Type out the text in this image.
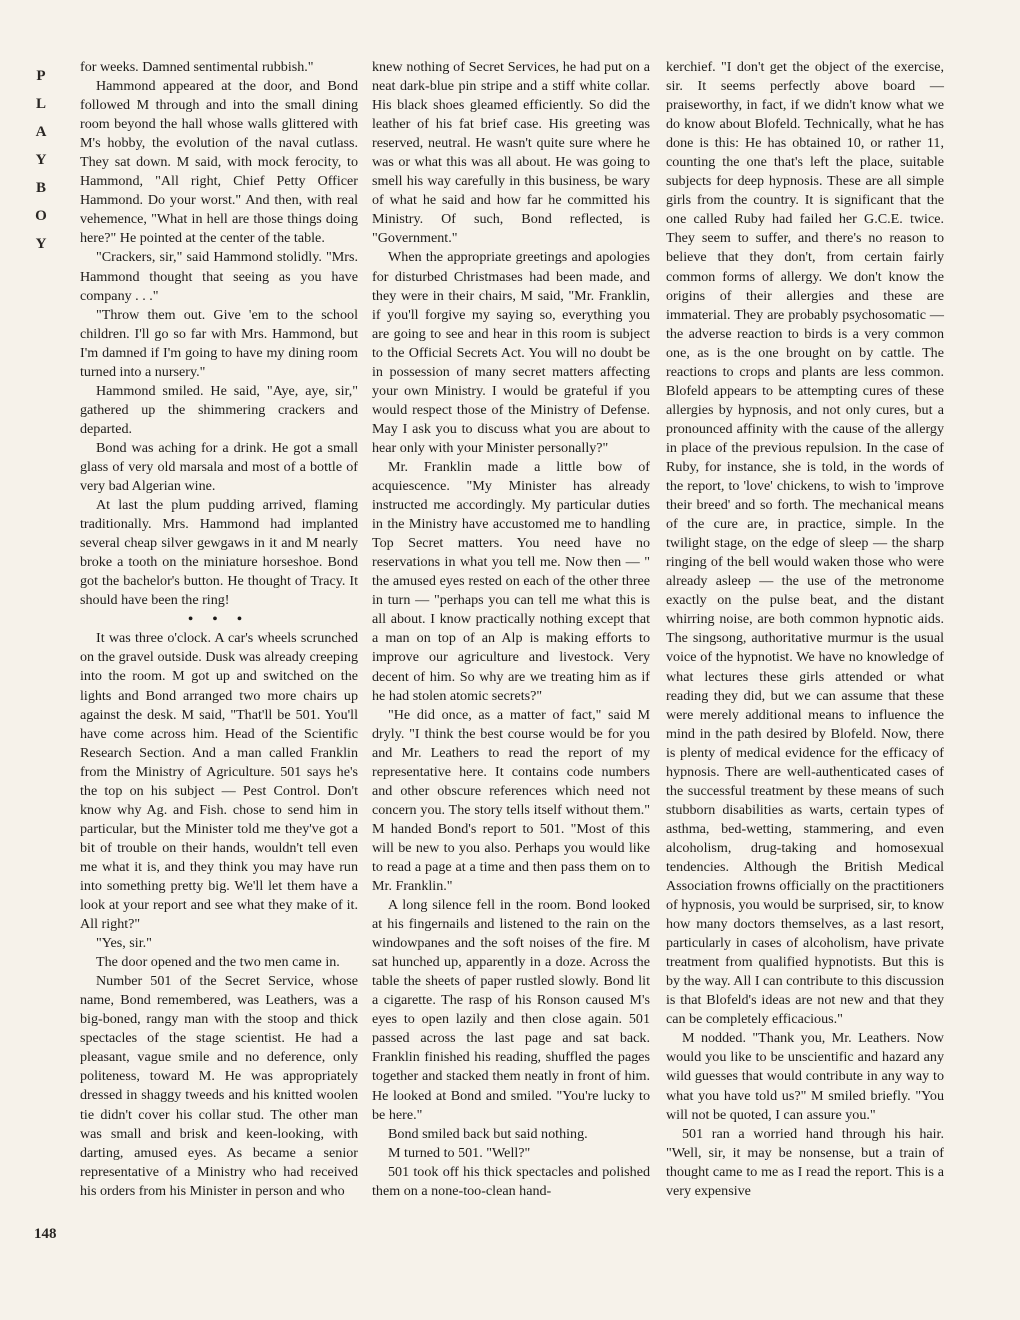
P
L
A
Y
B
O
Y
148

for weeks. Damned sentimental rubbish."

Hammond appeared at the door, and Bond followed M through and into the small dining room beyond the hall whose walls glittered with M's hobby, the evolution of the naval cutlass. They sat down. M said, with mock ferocity, to Hammond, "All right, Chief Petty Officer Hammond. Do your worst." And then, with real vehemence, "What in hell are those things doing here?" He pointed at the center of the table.

"Crackers, sir," said Hammond stolidly. "Mrs. Hammond thought that seeing as you have company . . ."

"Throw them out. Give 'em to the school children. I'll go so far with Mrs. Hammond, but I'm damned if I'm going to have my dining room turned into a nursery."

Hammond smiled. He said, "Aye, aye, sir," gathered up the shimmering crackers and departed.

Bond was aching for a drink. He got a small glass of very old marsala and most of a bottle of very bad Algerian wine.

At last the plum pudding arrived, flaming traditionally. Mrs. Hammond had implanted several cheap silver gewgaws in it and M nearly broke a tooth on the miniature horseshoe. Bond got the bachelor's button. He thought of Tracy. It should have been the ring!

• • •

It was three o'clock. A car's wheels scrunched on the gravel outside. Dusk was already creeping into the room. M got up and switched on the lights and Bond arranged two more chairs up against the desk. M said, "That'll be 501. You'll have come across him. Head of the Scientific Research Section. And a man called Franklin from the Ministry of Agriculture. 501 says he's the top on his subject — Pest Control. Don't know why Ag. and Fish. chose to send him in particular, but the Minister told me they've got a bit of trouble on their hands, wouldn't tell even me what it is, and they think you may have run into something pretty big. We'll let them have a look at your report and see what they make of it. All right?"

"Yes, sir."

The door opened and the two men came in.

Number 501 of the Secret Service, whose name, Bond remembered, was Leathers, was a big-boned, rangy man with the stoop and thick spectacles of the stage scientist. He had a pleasant, vague smile and no deference, only politeness, toward M. He was appropriately dressed in shaggy tweeds and his knitted woolen tie didn't cover his collar stud. The other man was small and brisk and keen-looking, with darting, amused eyes. As became a senior representative of a Ministry who had received his orders from his Minister in person and who

knew nothing of Secret Services, he had put on a neat dark-blue pin stripe and a stiff white collar. His black shoes gleamed efficiently. So did the leather of his fat brief case. His greeting was reserved, neutral. He wasn't quite sure where he was or what this was all about. He was going to smell his way carefully in this business, be wary of what he said and how far he committed his Ministry. Of such, Bond reflected, is "Government."

When the appropriate greetings and apologies for disturbed Christmases had been made, and they were in their chairs, M said, "Mr. Franklin, if you'll forgive my saying so, everything you are going to see and hear in this room is subject to the Official Secrets Act. You will no doubt be in possession of many secret matters affecting your own Ministry. I would be grateful if you would respect those of the Ministry of Defense. May I ask you to discuss what you are about to hear only with your Minister personally?"

Mr. Franklin made a little bow of acquiescence. "My Minister has already instructed me accordingly. My particular duties in the Ministry have accustomed me to handling Top Secret matters. You need have no reservations in what you tell me. Now then — " the amused eyes rested on each of the other three in turn — "perhaps you can tell me what this is all about. I know practically nothing except that a man on top of an Alp is making efforts to improve our agriculture and livestock. Very decent of him. So why are we treating him as if he had stolen atomic secrets?"

"He did once, as a matter of fact," said M dryly. "I think the best course would be for you and Mr. Leathers to read the report of my representative here. It contains code numbers and other obscure references which need not concern you. The story tells itself without them." M handed Bond's report to 501. "Most of this will be new to you also. Perhaps you would like to read a page at a time and then pass them on to Mr. Franklin."

A long silence fell in the room. Bond looked at his fingernails and listened to the rain on the windowpanes and the soft noises of the fire. M sat hunched up, apparently in a doze. Across the table the sheets of paper rustled slowly. Bond lit a cigarette. The rasp of his Ronson caused M's eyes to open lazily and then close again. 501 passed across the last page and sat back. Franklin finished his reading, shuffled the pages together and stacked them neatly in front of him. He looked at Bond and smiled. "You're lucky to be here."

Bond smiled back but said nothing.

M turned to 501. "Well?"

501 took off his thick spectacles and polished them on a none-too-clean hand-

kerchief. "I don't get the object of the exercise, sir. It seems perfectly above board — praiseworthy, in fact, if we didn't know what we do know about Blofeld. Technically, what he has done is this: He has obtained 10, or rather 11, counting the one that's left the place, suitable subjects for deep hypnosis. These are all simple girls from the country. It is significant that the one called Ruby had failed her G.C.E. twice. They seem to suffer, and there's no reason to believe that they don't, from certain fairly common forms of allergy. We don't know the origins of their allergies and these are immaterial. They are probably psychosomatic — the adverse reaction to birds is a very common one, as is the one brought on by cattle. The reactions to crops and plants are less common. Blofeld appears to be attempting cures of these allergies by hypnosis, and not only cures, but a pronounced affinity with the cause of the allergy in place of the previous repulsion. In the case of Ruby, for instance, she is told, in the words of the report, to 'love' chickens, to wish to 'improve their breed' and so forth. The mechanical means of the cure are, in practice, simple. In the twilight stage, on the edge of sleep — the sharp ringing of the bell would waken those who were already asleep — the use of the metronome exactly on the pulse beat, and the distant whirring noise, are both common hypnotic aids. The singsong, authoritative murmur is the usual voice of the hypnotist. We have no knowledge of what lectures these girls attended or what reading they did, but we can assume that these were merely additional means to influence the mind in the path desired by Blofeld. Now, there is plenty of medical evidence for the efficacy of hypnosis. There are well-authenticated cases of the successful treatment by these means of such stubborn disabilities as warts, certain types of asthma, bed-wetting, stammering, and even alcoholism, drug-taking and homosexual tendencies. Although the British Medical Association frowns officially on the practitioners of hypnosis, you would be surprised, sir, to know how many doctors themselves, as a last resort, particularly in cases of alcoholism, have private treatment from qualified hypnotists. But this is by the way. All I can contribute to this discussion is that Blofeld's ideas are not new and that they can be completely efficacious."

M nodded. "Thank you, Mr. Leathers. Now would you like to be unscientific and hazard any wild guesses that would contribute in any way to what you have told us?" M smiled briefly. "You will not be quoted, I can assure you."

501 ran a worried hand through his hair. "Well, sir, it may be nonsense, but a train of thought came to me as I read the report. This is a very expensive
